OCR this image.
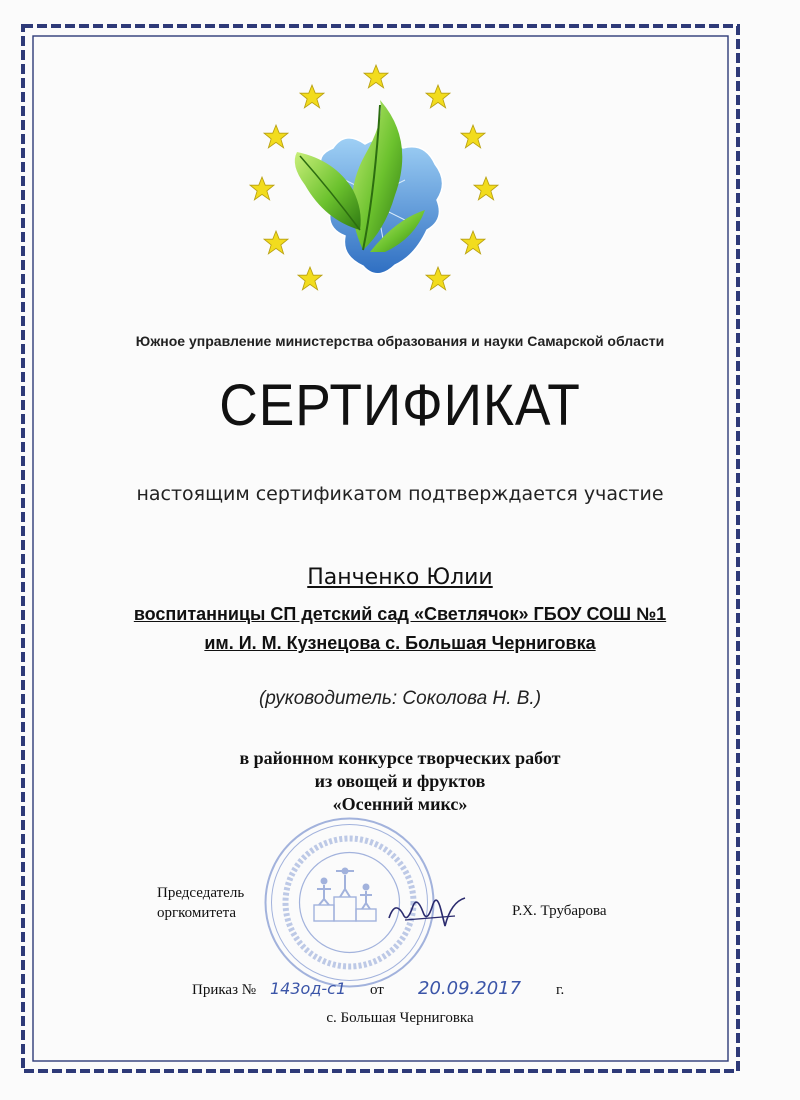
Южное управление министерства образования и науки Самарской области
СЕРТИФИКАТ
настоящим сертификатом подтверждается участие
Панченко Юлии
воспитанницы СП детский сад «Светлячок» ГБОУ СОШ №1
им. И. М. Кузнецова с. Большая Черниговка
(руководитель: Соколова Н. В.)
в районном конкурсе творческих работ
из овощей и фруктов
«Осенний микс»
Председатель
оргкомитета	Р.Х. Трубарова
Приказ № 143од-с1 от 20.09.2017 г.
с. Большая Черниговка
